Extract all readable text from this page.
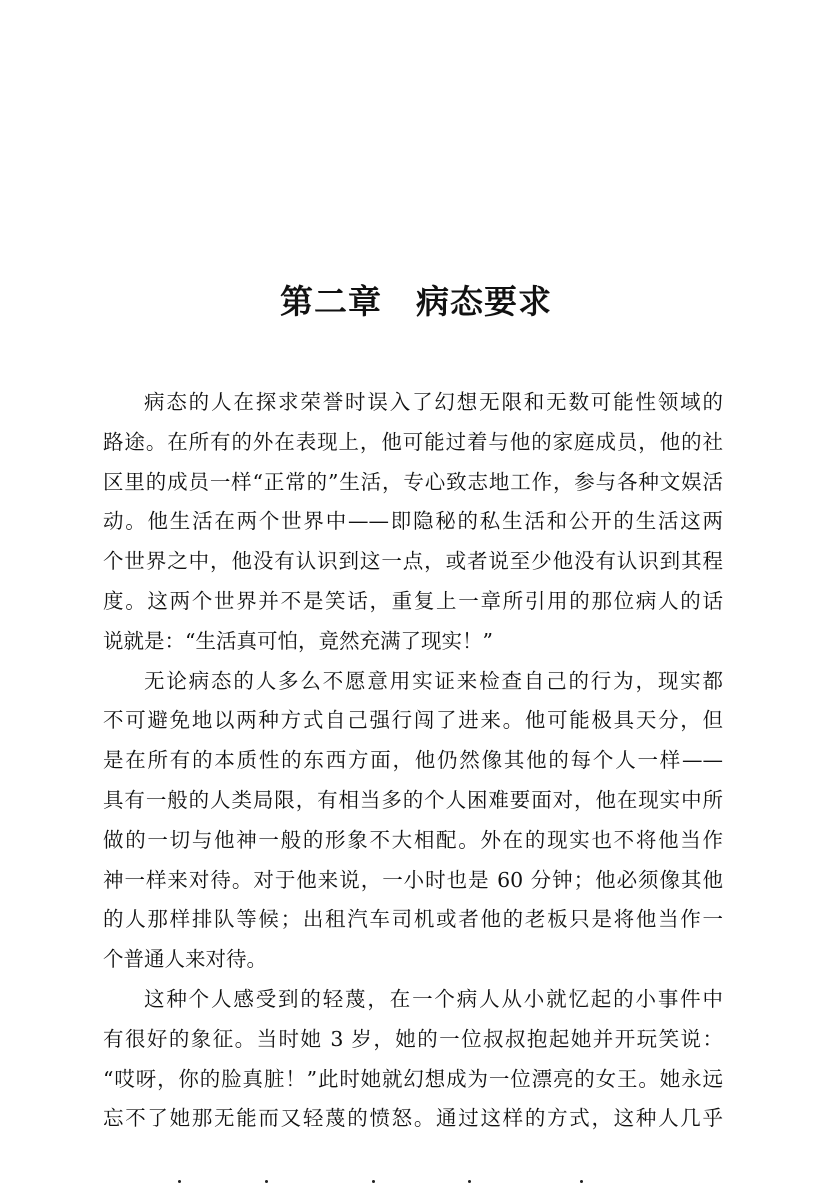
第二章　病态要求
病态的人在探求荣誉时误入了幻想无限和无数可能性领域的
路途。在所有的外在表现上，他可能过着与他的家庭成员，他的社
区里的成员一样“正常的”生活，专心致志地工作，参与各种文娱活
动。他生活在两个世界中——即隐秘的私生活和公开的生活这两
个世界之中，他没有认识到这一点，或者说至少他没有认识到其程
度。这两个世界并不是笑话，重复上一章所引用的那位病人的话
说就是：“生活真可怕，竟然充满了现实！”
无论病态的人多么不愿意用实证来检查自己的行为，现实都
不可避免地以两种方式自己强行闯了进来。他可能极具天分，但
是在所有的本质性的东西方面，他仍然像其他的每个人一样——
具有一般的人类局限，有相当多的个人困难要面对，他在现实中所
做的一切与他神一般的形象不大相配。外在的现实也不将他当作
神一样来对待。对于他来说，一小时也是 60 分钟；他必须像其他
的人那样排队等候；出租汽车司机或者他的老板只是将他当作一
个普通人来对待。
这种个人感受到的轻蔑，在一个病人从小就忆起的小事件中
有很好的象征。当时她 3 岁，她的一位叔叔抱起她并开玩笑说：
“哎呀，你的脸真脏！”此时她就幻想成为一位漂亮的女王。她永远
忘不了她那无能而又轻蔑的愤怒。通过这样的方式，这种人几乎
